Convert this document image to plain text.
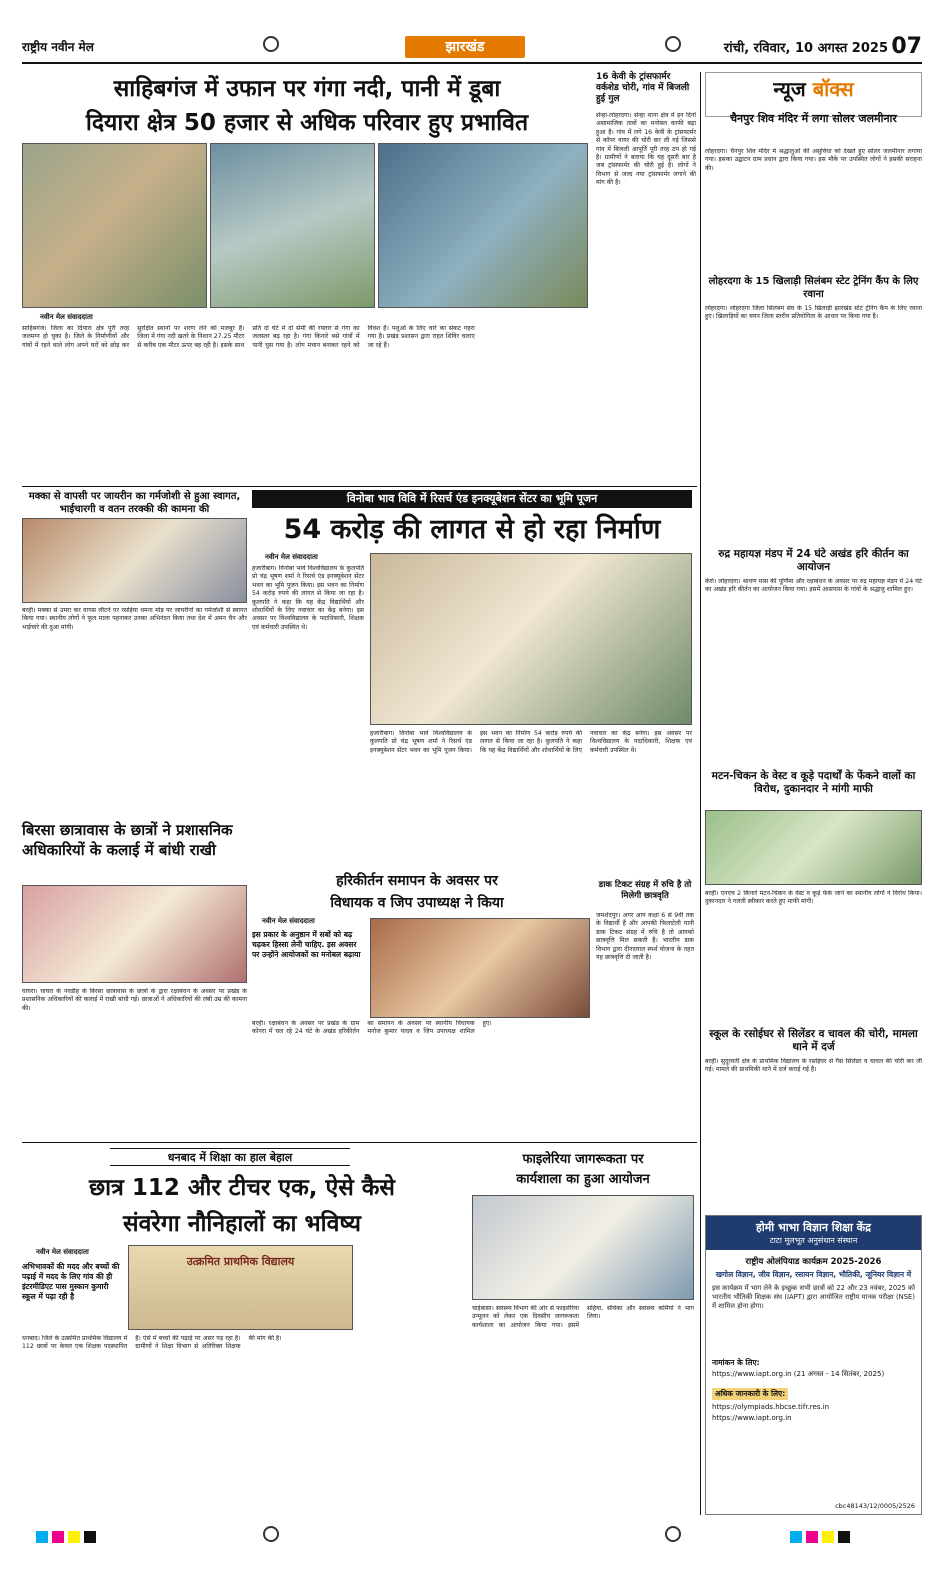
राष्ट्रीय नवीन मेल	झारखंड	रांची, रविवार, 10 अगस्त 2025 07
साहिबगंज में उफान पर गंगा नदी, पानी में डूबा
दियारा क्षेत्र 50 हजार से अधिक परिवार हुए प्रभावित
नवीन मेल संवाददाता
साहिबगंज। जिला का दियारा क्षेत्र पूरी तरह जलमग्न हो चुका है। जिले के निर्माणीयों और गांवों में रहने वाले लोग अपने घरों को छोड़ कर सुरक्षित स्थानों पर शरण लेने को मजबूर हैं। जिला में गंगा नदी खतरे के निशान 27.25 मीटर से करीब एक मीटर ऊपर बह रही है। इसके साथ प्रति दो घंटे में दो सेमी की रफ्तार से गंगा का जलस्तर बढ़ रहा है। गंगा किनारे बसे गांवों में पानी घुस गया है। लोग मचान बनाकर रहने को विवश हैं। पशुओं के लिए चारे का संकट गहरा गया है। प्रखंड प्रशासन द्वारा राहत शिविर चलाए जा रहे हैं।
16 केवी के ट्रांसफार्मर वर्कशेड चोरी, गांव में बिजली हुई गुल
सेन्हा-लोहरदगा। सेन्हा थाना क्षेत्र में इन दिनों असामाजिक तत्वों का मनोबल काफी बढ़ा हुआ है। गांव में लगे 16 केवी के ट्रांसफार्मर से कॉपर वायर की चोरी कर ली गई जिससे गांव में बिजली आपूर्ति पूरी तरह ठप हो गई है। ग्रामीणों ने बताया कि यह दूसरी बार है जब ट्रांसफार्मर की चोरी हुई है। लोगों ने विभाग से जल्द नया ट्रांसफार्मर लगाने की मांग की है।
मक्का से वापसी पर जायरीन का गर्मजोशी से हुआ स्वागत, भाईचारगी व वतन तरक्की की कामना की
बरही। मक्का से उमरा कर वापस लौटने पर रसोईया धमना मोड़ पर जायरीनों का गर्मजोशी से स्वागत किया गया। स्थानीय लोगों ने फूल माला पहनाकर उनका अभिनंदन किया तथा देश में अमन चैन और भाईचारे की दुआ मांगी।
विनोबा भाव विवि में रिसर्च एंड इनक्यूबेशन सेंटर का भूमि पूजन
54 करोड़ की लागत से हो रहा निर्माण
नवीन मेल संवाददाता
हजारीबाग। विनोबा भावे विश्वविद्यालय के कुलपति प्रो चंद्र भूषण शर्मा ने रिसर्च एंड इनक्यूबेशन सेंटर भवन का भूमि पूजन किया। इस भवन का निर्माण 54 करोड़ रुपये की लागत से किया जा रहा है। कुलपति ने कहा कि यह केंद्र विद्यार्थियों और शोधार्थियों के लिए नवाचार का केंद्र बनेगा। इस अवसर पर विश्वविद्यालय के पदाधिकारी, शिक्षक एवं कर्मचारी उपस्थित थे।
हजारीबाग। विनोबा भावे विश्वविद्यालय के कुलपति प्रो चंद्र भूषण शर्मा ने रिसर्च एंड इनक्यूबेशन सेंटर भवन का भूमि पूजन किया। इस भवन का निर्माण 54 करोड़ रुपये की लागत से किया जा रहा है। कुलपति ने कहा कि यह केंद्र विद्यार्थियों और शोधार्थियों के लिए नवाचार का केंद्र बनेगा। इस अवसर पर विश्वविद्यालय के पदाधिकारी, शिक्षक एवं कर्मचारी उपस्थित थे।
बिरसा छात्रावास के छात्रों ने प्रशासनिक अधिकारियों के कलाई में बांधी राखी
घाघरा। घाघरा के नवडीह के बिरसा छात्रावास के छात्रों के द्वारा रक्षाबंधन के अवसर पर प्रखंड के प्रशासनिक अधिकारियों की कलाई में राखी बांधी गई। छात्राओं ने अधिकारियों की लंबी उम्र की कामना की।
हरिकीर्तन समापन के अवसर पर
विधायक व जिप उपाध्यक्ष ने किया
नवीन मेल संवाददाता
इस प्रकार के अनुष्ठान में सबों को बढ़ चढ़कर हिस्सा लेनी चाहिए. इस अवसर पर उन्होंने आयोजकों का मनोबल बढ़ाया
बरही। रक्षाबंधन के अवसर पर प्रखंड के ग्राम कोनरा में चल रहे 24 घंटे के अखंड हरिकीर्तन का समापन के अवसर पर स्थानीय विधायक मनोज कुमार यादव व जिप उपाध्यक्ष शामिल हुए।
डाक टिकट संग्रह में रुचि है तो मिलेगी छात्रवृति
जमशेदपुर। अगर आप कक्षा 6 से 9वीं तक के विद्यार्थी हैं और आपकी फिलाटेली यानी डाक टिकट संग्रह में रुचि है तो आपको छात्रवृत्ति मिल सकती है। भारतीय डाक विभाग द्वारा दीनदयाल स्पर्श योजना के तहत यह छात्रवृत्ति दी जाती है।
धनबाद में शिक्षा का हाल बेहाल
छात्र 112 और टीचर एक, ऐसे कैसे
संवरेगा नौनिहालों का भविष्य
नवीन मेल संवाददाता
अभिभावकों की मदद और बच्चों की पढ़ाई में मदद के लिए गांव की ही इंटरमीडिएट पास मुस्कान कुमारी स्कूल में पढ़ा रही है
उत्क्रमित प्राथमिक विद्यालय
धनबाद। जिले के उत्क्रमित प्राथमिक विद्यालय में 112 छात्रों पर केवल एक शिक्षक पदस्थापित हैं। ऐसे में बच्चों की पढ़ाई पर असर पड़ रहा है। ग्रामीणों ने शिक्षा विभाग से अतिरिक्त शिक्षक की मांग की है।
फाइलेरिया जागरूकता पर
कार्यशाला का हुआ आयोजन
चाईबासा। स्वास्थ्य विभाग की ओर से फाइलेरिया उन्मूलन को लेकर एक दिवसीय जागरूकता कार्यशाला का आयोजन किया गया। इसमें सहिया, सेविका और स्वास्थ्य कर्मियों ने भाग लिया।
न्यूज बॉक्स
चैनपुर शिव मंदिर में लगा सोलर जलमीनार
लोहरदगा। चैनपुर शिव मंदिर में श्रद्धालुओं की असुविधा को देखते हुए सोलर जलमीनार लगाया गया। इसका उद्घाटन ग्राम प्रधान द्वारा किया गया। इस मौके पर उपस्थित लोगों ने इसकी सराहना की।
लोहरदगा के 15 खिलाड़ी सिलंबम स्टेट ट्रेनिंग कैंप के लिए रवाना
लोहरदगा। लोहरदगा जिला सिलंबम संघ के 15 खिलाड़ी झारखंड स्टेट ट्रेनिंग कैंप के लिए रवाना हुए। खिलाड़ियों का चयन जिला स्तरीय प्रतियोगिता के आधार पर किया गया है।
रुद्र महायज्ञ मंडप में 24 घंटे अखंड हरि कीर्तन का आयोजन
केरो। लोहरदगा। श्रावण मास की पूर्णिमा और रक्षाबंधन के अवसर पर रुद्र महायज्ञ मंडप में 24 घंटे का अखंड हरि कीर्तन का आयोजन किया गया। इसमें आसपास के गांवों के श्रद्धालु शामिल हुए।
मटन-चिकन के वेस्ट व कूड़े पदार्थों के फेंकने वालों का विरोध, दुकानदार ने मांगी माफी
बरही। एनएच 2 किनारे मटन-चिकन के वेस्ट व कूड़े फेंके जाने का स्थानीय लोगों ने विरोध किया। दुकानदार ने गलती स्वीकार करते हुए माफी मांगी।
स्कूल के रसोईघर से सिलेंडर व चावल की चोरी, मामला थाने में दर्ज
बरही। सुदूरवर्ती क्षेत्र के प्राथमिक विद्यालय के रसोईघर से गैस सिलेंडर व चावल की चोरी कर ली गई। मामले की प्राथमिकी थाने में दर्ज कराई गई है।
होमी भाभा विज्ञान शिक्षा केंद्र
टाटा मूलभूत अनुसंधान संस्थान
राष्ट्रीय ओलंपियाड कार्यक्रम 2025-2026
खगोल विज्ञान, जीव विज्ञान, रसायन विज्ञान, भौतिकी, जूनियर विज्ञान में
इस कार्यक्रम में भाग लेने के इच्छुक सभी छात्रों को 22 और 23 नवंबर, 2025 को भारतीय भौतिकी शिक्षक संघ (IAPT) द्वारा आयोजित राष्ट्रीय मानक परीक्षा (NSE) में शामिल होना होगा।
नामांकन के लिए:
https://www.iapt.org.in (21 अगस्त - 14 सितंबर, 2025)
अधिक जानकारी के लिए:
https://olympiads.hbcse.tifr.res.in
https://www.iapt.org.in
cbc48143/12/0005/2526
